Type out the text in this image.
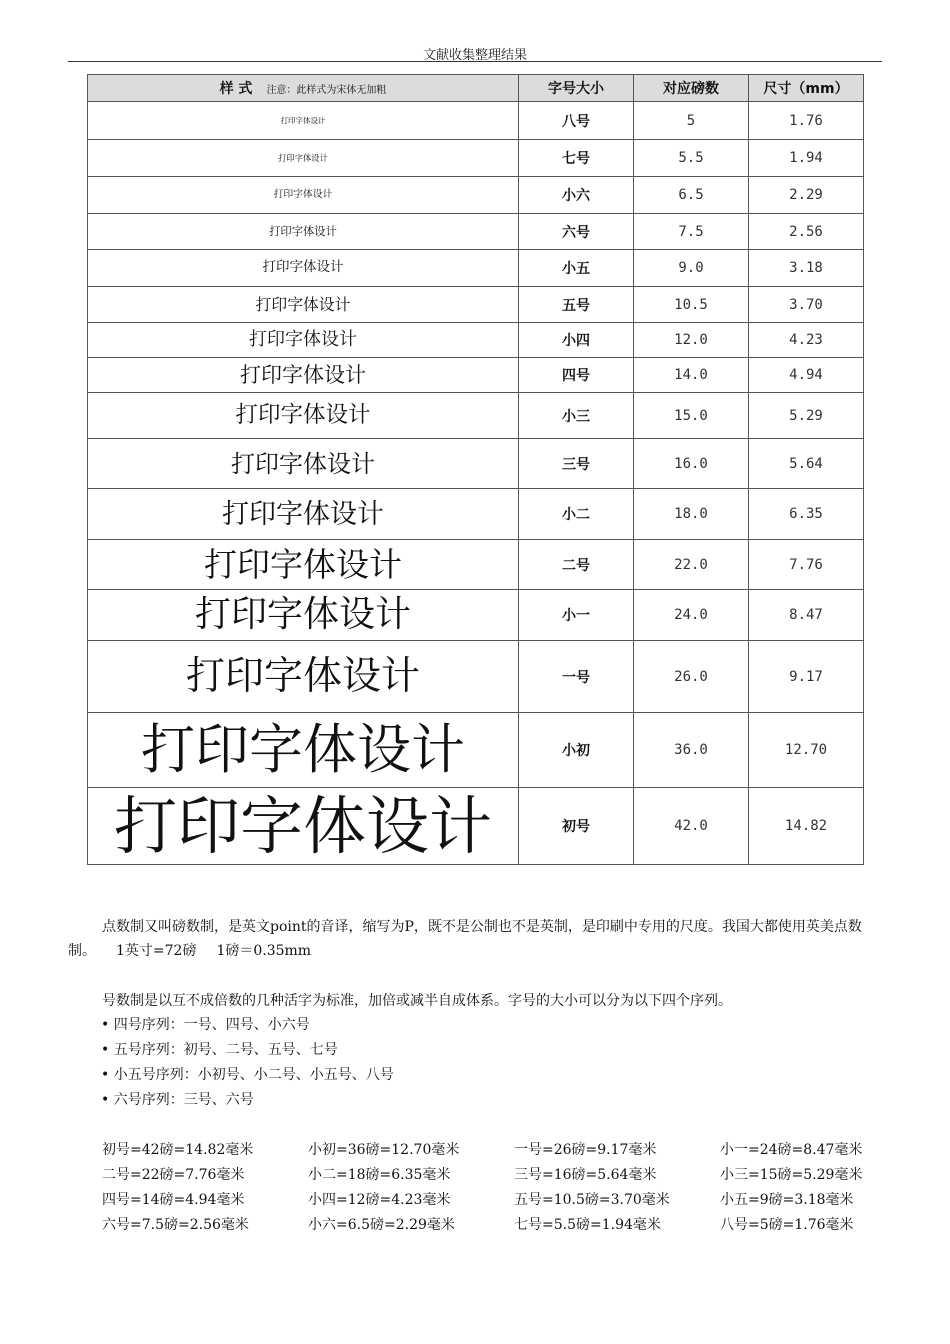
文献收集整理结果
样 式 注意：此样式为宋体无加粗	字号大小	对应磅数	尺寸（mm）
打印字体设计	八号	5	1.76
打印字体设计	七号	5.5	1.94
打印字体设计	小六	6.5	2.29
打印字体设计	六号	7.5	2.56
打印字体设计	小五	9.0	3.18
打印字体设计	五号	10.5	3.70
打印字体设计	小四	12.0	4.23
打印字体设计	四号	14.0	4.94
打印字体设计	小三	15.0	5.29
打印字体设计	三号	16.0	5.64
打印字体设计	小二	18.0	6.35
打印字体设计	二号	22.0	7.76
打印字体设计	小一	24.0	8.47
打印字体设计	一号	26.0	9.17
打印字体设计	小初	36.0	12.70
打印字体设计	初号	42.0	14.82
点数制又叫磅数制，是英文point的音译，缩写为P，既不是公制也不是英制，是印刷中专用的尺度。我国大都使用英美点数制。 1英寸=72磅 1磅＝0.35mm
号数制是以互不成倍数的几种活字为标准，加倍或减半自成体系。字号的大小可以分为以下四个序列。
• 四号序列：一号、四号、小六号
• 五号序列：初号、二号、五号、七号
• 小五号序列：小初号、小二号、小五号、八号
• 六号序列：三号、六号
初号=42磅=14.82毫米	小初=36磅=12.70毫米	一号=26磅=9.17毫米	小一=24磅=8.47毫米
二号=22磅=7.76毫米	小二=18磅=6.35毫米	三号=16磅=5.64毫米	小三=15磅=5.29毫米
四号=14磅=4.94毫米	小四=12磅=4.23毫米	五号=10.5磅=3.70毫米	小五=9磅=3.18毫米
六号=7.5磅=2.56毫米	小六=6.5磅=2.29毫米	七号=5.5磅=1.94毫米	八号=5磅=1.76毫米
